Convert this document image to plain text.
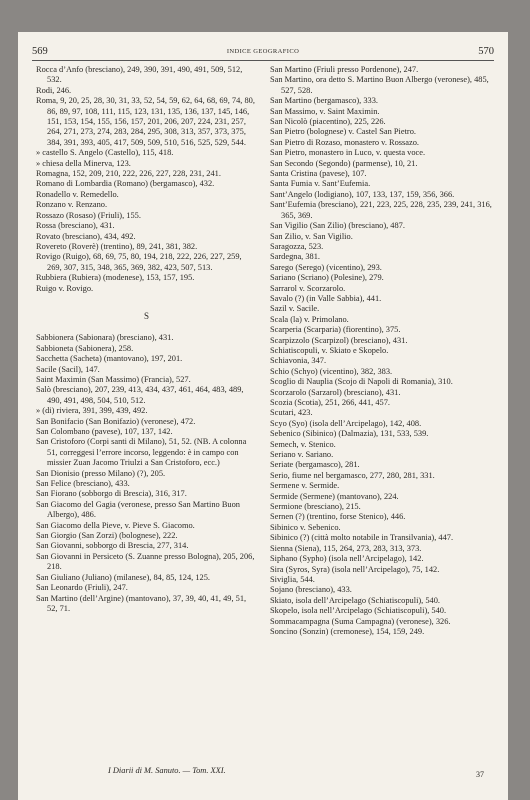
569	INDICE GEOGRAFICO	570

Rocca d’Anfo (bresciano), 249, 390, 391, 490, 491, 509, 512, 532.

Rodi, 246.

Roma, 9, 20, 25, 28, 30, 31, 33, 52, 54, 59, 62, 64, 68, 69, 74, 80, 86, 89, 97, 108, 111, 115, 123, 131, 135, 136, 137, 145, 146, 151, 153, 154, 155, 156, 157, 201, 206, 207, 224, 231, 257, 264, 271, 273, 274, 283, 284, 295, 308, 313, 357, 373, 375, 384, 391, 393, 405, 417, 509, 509, 510, 516, 525, 529, 544.

» castello S. Angelo (Castello), 115, 418.

» chiesa della Minerva, 123.

Romagna, 152, 209, 210, 222, 226, 227, 228, 231, 241.

Romano di Lombardia (Romano) (bergamasco), 432.

Ronadello v. Remedello.

Ronzano v. Renzano.

Rossazo (Rosaso) (Friuli), 155.

Rossa (bresciano), 431.

Rovato (bresciano), 434, 492.

Rovereto (Roverè) (trentino), 89, 241, 381, 382.

Rovigo (Ruigo), 68, 69, 75, 80, 194, 218, 222, 226, 227, 259, 269, 307, 315, 348, 365, 369, 382, 423, 507, 513.

Rubbiera (Rubiera) (modenese), 153, 157, 195.

Ruigo v. Rovigo.

S

Sabbionera (Sabionara) (bresciano), 431.

Sabbioneta (Sabionera), 258.

Sacchetta (Sacheta) (mantovano), 197, 201.

Sacile (Sacil), 147.

Saint Maximin (San Massimo) (Francia), 527.

Salò (bresciano), 207, 239, 413, 434, 437, 461, 464, 483, 489, 490, 491, 498, 504, 510, 512.

» (di) riviera, 391, 399, 439, 492.

San Bonifacio (San Bonifazio) (veronese), 472.

San Colombano (pavese), 107, 137, 142.

San Cristoforo (Corpi santi di Milano), 51, 52. (NB. A colonna 51, correggesi l’errore incorso, leggendo: è in campo con missier Zuan Jacomo Triulzi a San Cristoforo, ecc.)

San Dionisio (presso Milano) (?), 205.

San Felice (bresciano), 433.

San Fiorano (sobborgo di Brescia), 316, 317.

San Giacomo del Gagia (veronese, presso San Martino Buon Albergo), 486.

San Giacomo della Pieve, v. Pieve S. Giacomo.

San Giorgio (San Zorzi) (bolognese), 222.

San Giovanni, sobborgo di Brescia, 277, 314.

San Giovanni in Persiceto (S. Zuanne presso Bologna), 205, 206, 218.

San Giuliano (Juliano) (milanese), 84, 85, 124, 125.

San Leonardo (Friuli), 247.

San Martino (dell’Argine) (mantovano), 37, 39, 40, 41, 49, 51, 52, 71.

San Martino (Friuli presso Pordenone), 247.

San Martino, ora detto S. Martino Buon Albergo (veronese), 485, 527, 528.

San Martino (bergamasco), 333.

San Massimo, v. Saint Maximin.

San Nicolò (piacentino), 225, 226.

San Pietro (bolognese) v. Castel San Pietro.

San Pietro di Rozaso, monastero v. Rossazo.

San Pietro, monastero in Luco, v. questa voce.

San Secondo (Segondo) (parmense), 10, 21.

Santa Cristina (pavese), 107.

Santa Fumia v. Sant’Eufemia.

Sant’Angelo (lodigiano), 107, 133, 137, 159, 356, 366.

Sant’Eufemia (bresciano), 221, 223, 225, 228, 235, 239, 241, 316, 365, 369.

San Vigilio (San Zilio) (bresciano), 487.

San Zilio, v. San Vigilio.

Saragozza, 523.

Sardegna, 381.

Sarego (Serego) (vicentino), 293.

Sariano (Scriano) (Polesine), 279.

Sarrarol v. Scorzarolo.

Savalo (?) (in Valle Sabbia), 441.

Sazil v. Sacile.

Scala (la) v. Primolano.

Scarperia (Scarparia) (fiorentino), 375.

Scarpizzolo (Scarpizol) (bresciano), 431.

Schiatiscopuli, v. Skiato e Skopelo.

Schiavonia, 347.

Schio (Schyo) (vicentino), 382, 383.

Scoglio di Nauplia (Scojo di Napoli di Romania), 310.

Scorzarolo (Sarzarol) (bresciano), 431.

Scozia (Scotia), 251, 266, 441, 457.

Scutari, 423.

Scyo (Syo) (isola dell’Arcipelago), 142, 408.

Sebenico (Sibinico) (Dalmazia), 131, 533, 539.

Semech, v. Stenico.

Seriano v. Sariano.

Seriate (bergamasco), 281.

Serio, fiume nel bergamasco, 277, 280, 281, 331.

Sermene v. Sermide.

Sermide (Sermene) (mantovano), 224.

Sermione (bresciano), 215.

Sernen (?) (trentino, forse Stenico), 446.

Sibinico v. Sebenico.

Sibinico (?) (città molto notabile in Transilvania), 447.

Sienna (Siena), 115, 264, 273, 283, 313, 373.

Siphano (Sypho) (isola nell’Arcipelago), 142.

Sira (Syros, Syra) (isola nell’Arcipelago), 75, 142.

Siviglia, 544.

Sojano (bresciano), 433.

Skiato, isola dell’Arcipelago (Schiatiscopuli), 540.

Skopelo, isola nell’Arcipelago (Schiatiscopuli), 540.

Sommacampagna (Suma Campagna) (veronese), 326.

Soncino (Sonzin) (cremonese), 154, 159, 249.

I Diarii di M. Sanuto. — Tom. XXI.	37
